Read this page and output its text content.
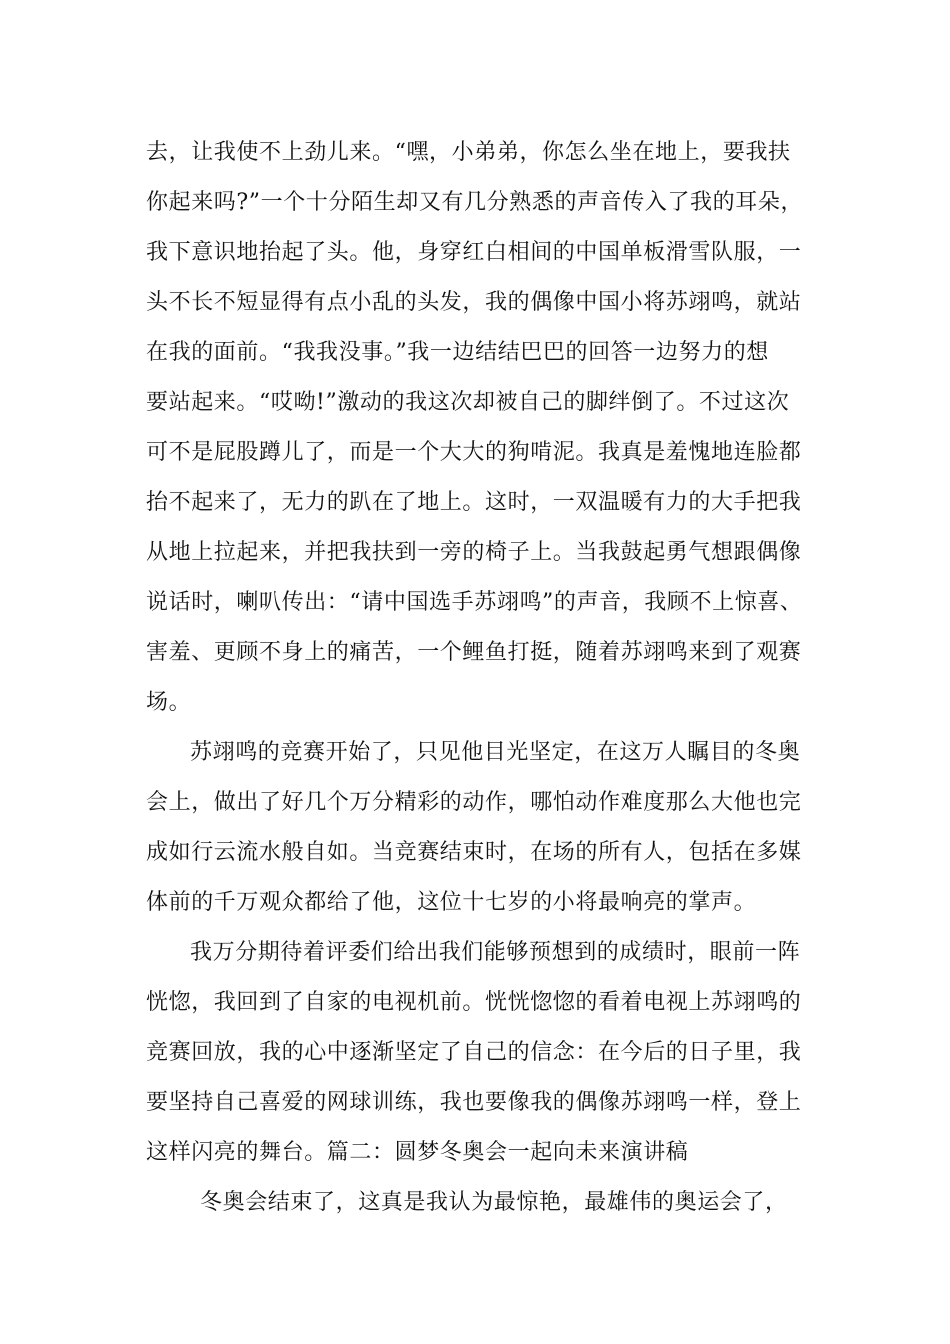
去，让我使不上劲儿来。“嘿，小弟弟，你怎么坐在地上，要我扶
你起来吗?”一个十分陌生却又有几分熟悉的声音传入了我的耳朵，
我下意识地抬起了头。他，身穿红白相间的中国单板滑雪队服，一
头不长不短显得有点小乱的头发，我的偶像中国小将苏翊鸣，就站
在我的面前。“我我没事。”我一边结结巴巴的回答一边努力的想
要站起来。“哎呦!”激动的我这次却被自己的脚绊倒了。不过这次
可不是屁股蹲儿了，而是一个大大的狗啃泥。我真是羞愧地连脸都
抬不起来了，无力的趴在了地上。这时，一双温暖有力的大手把我
从地上拉起来，并把我扶到一旁的椅子上。当我鼓起勇气想跟偶像
说话时，喇叭传出：“请中国选手苏翊鸣”的声音，我顾不上惊喜、
害羞、更顾不身上的痛苦，一个鲤鱼打挺，随着苏翊鸣来到了观赛
场。
苏翊鸣的竞赛开始了，只见他目光坚定，在这万人瞩目的冬奥
会上，做出了好几个万分精彩的动作，哪怕动作难度那么大他也完
成如行云流水般自如。当竞赛结束时，在场的所有人，包括在多媒
体前的千万观众都给了他，这位十七岁的小将最响亮的掌声。
我万分期待着评委们给出我们能够预想到的成绩时，眼前一阵
恍惚，我回到了自家的电视机前。恍恍惚惚的看着电视上苏翊鸣的
竞赛回放，我的心中逐渐坚定了自己的信念：在今后的日子里，我
要坚持自己喜爱的网球训练，我也要像我的偶像苏翊鸣一样，登上
这样闪亮的舞台。篇二：圆梦冬奥会一起向未来演讲稿
冬奥会结束了，这真是我认为最惊艳，最雄伟的奥运会了，
